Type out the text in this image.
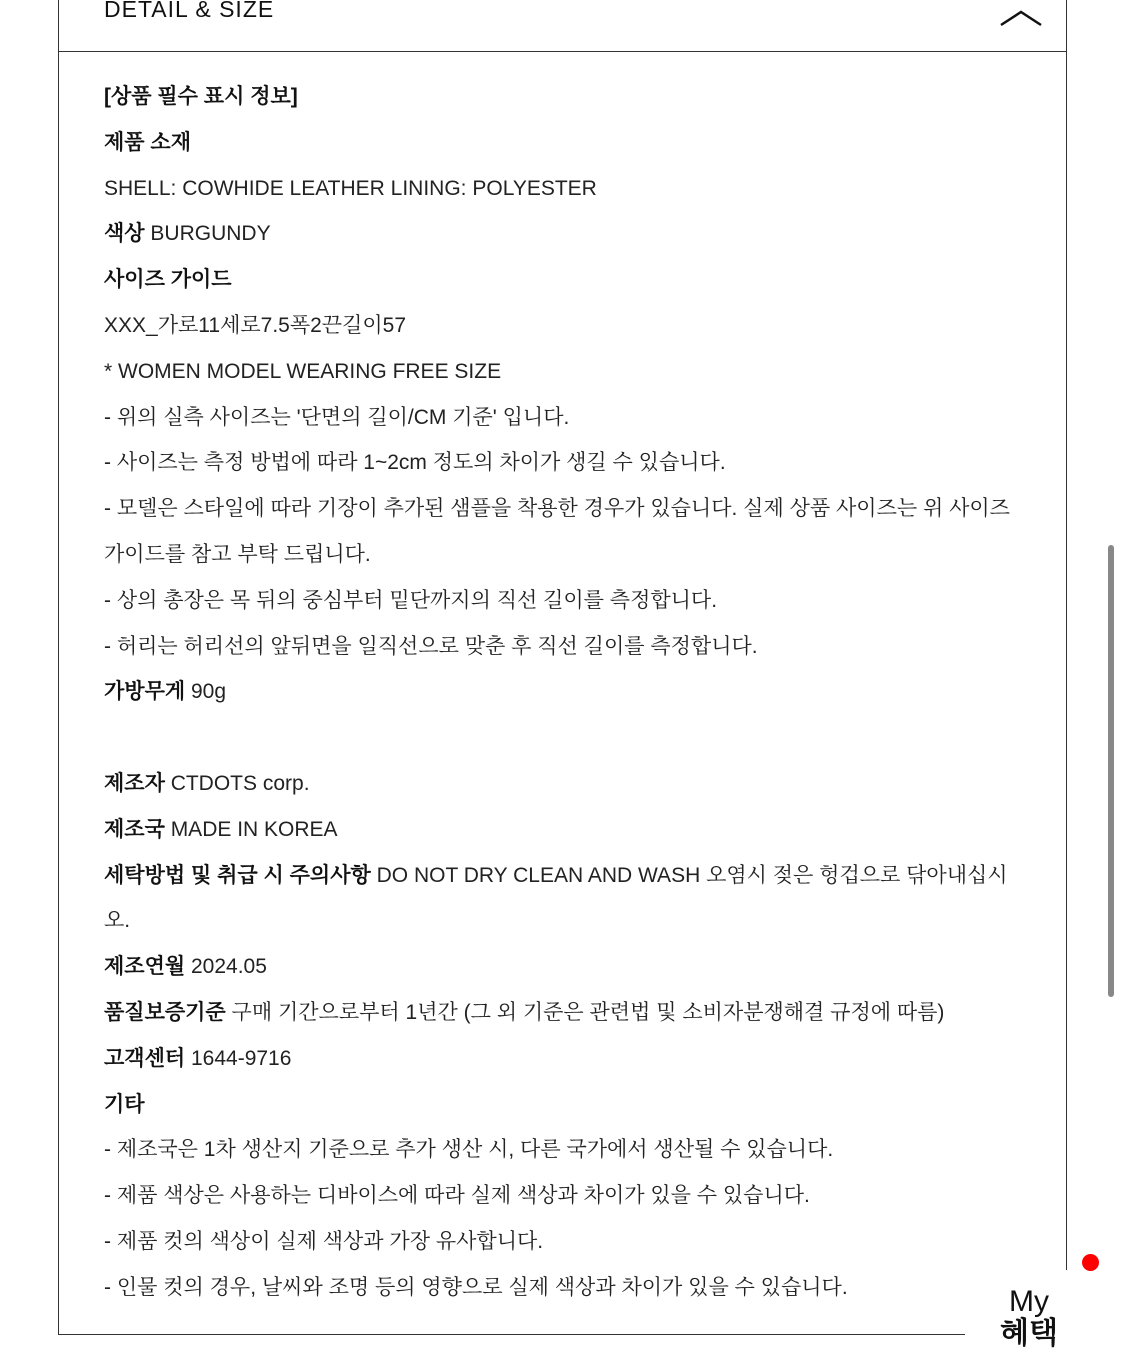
DETAIL & SIZE
[상품 필수 표시 정보]
제품 소재
SHELL: COWHIDE LEATHER LINING: POLYESTER
색상 BURGUNDY
사이즈 가이드
XXX_가로11세로7.5폭2끈길이57
* WOMEN MODEL WEARING FREE SIZE
- 위의 실측 사이즈는 '단면의 길이/CM 기준' 입니다.
- 사이즈는 측정 방법에 따라 1~2cm 정도의 차이가 생길 수 있습니다.
- 모델은 스타일에 따라 기장이 추가된 샘플을 착용한 경우가 있습니다. 실제 상품 사이즈는 위 사이즈 가이드를 참고 부탁 드립니다.
- 상의 총장은 목 뒤의 중심부터 밑단까지의 직선 길이를 측정합니다.
- 허리는 허리선의 앞뒤면을 일직선으로 맞춘 후 직선 길이를 측정합니다.
가방무게 90g
제조자 CTDOTS corp.
제조국 MADE IN KOREA
세탁방법 및 취급 시 주의사항 DO NOT DRY CLEAN AND WASH 오염시 젖은 헝겁으로 닦아내십시오.
제조연월 2024.05
품질보증기준 구매 기간으로부터 1년간 (그 외 기준은 관련법 및 소비자분쟁해결 규정에 따름)
고객센터 1644-9716
기타
- 제조국은 1차 생산지 기준으로 추가 생산 시, 다른 국가에서 생산될 수 있습니다.
- 제품 색상은 사용하는 디바이스에 따라 실제 색상과 차이가 있을 수 있습니다.
- 제품 컷의 색상이 실제 색상과 가장 유사합니다.
- 인물 컷의 경우, 날씨와 조명 등의 영향으로 실제 색상과 차이가 있을 수 있습니다.	My
혜택
